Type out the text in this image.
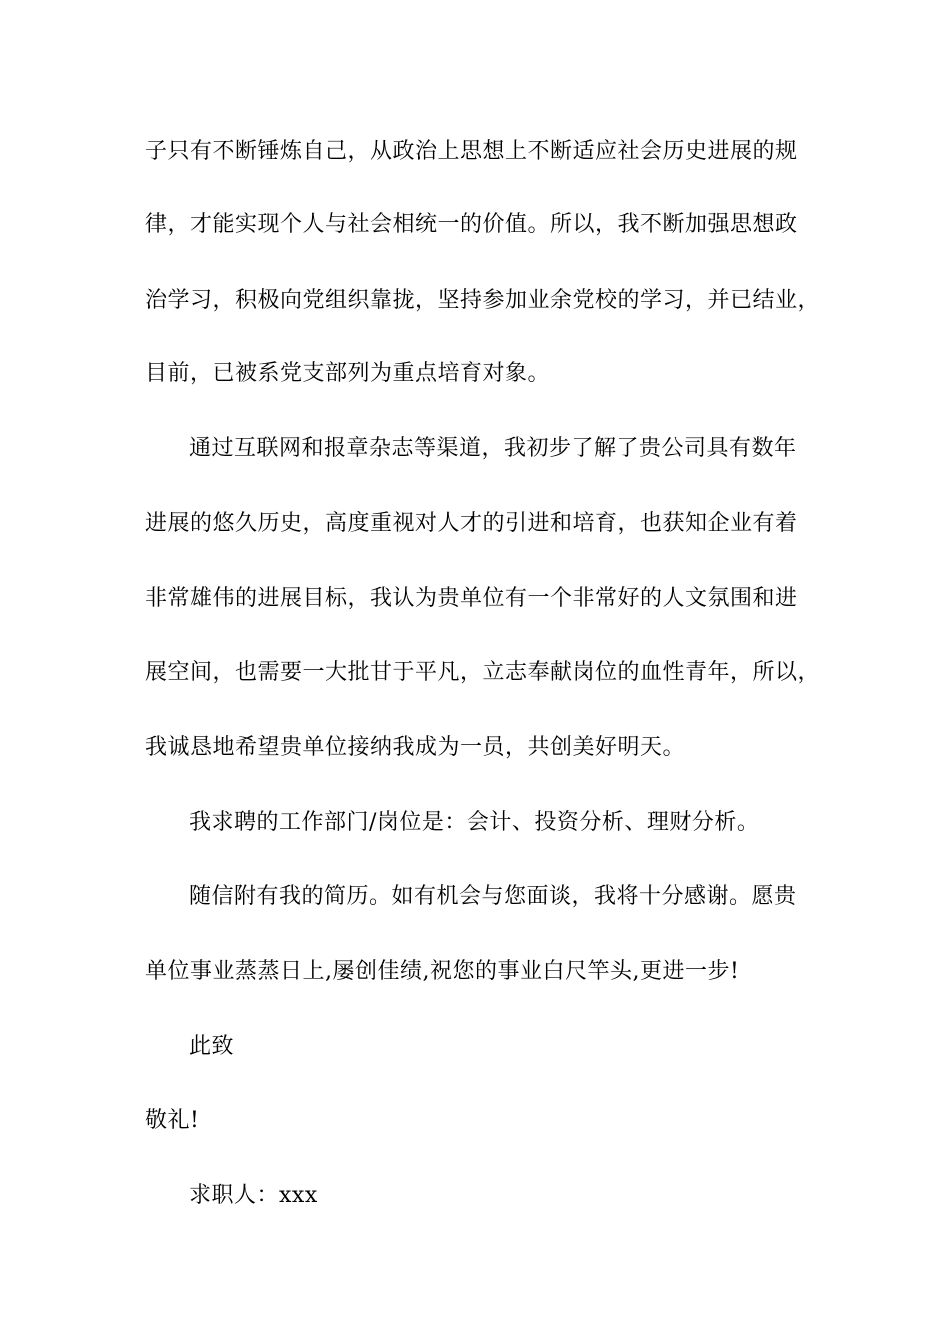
子只有不断锤炼自己，从政治上思想上不断适应社会历史进展的规
律，才能实现个人与社会相统一的价值。所以，我不断加强思想政
治学习，积极向党组织靠拢，坚持参加业余党校的学习，并已结业，
目前，已被系党支部列为重点培育对象。
通过互联网和报章杂志等渠道，我初步了解了贵公司具有数年
进展的悠久历史，高度重视对人才的引进和培育，也获知企业有着
非常雄伟的进展目标，我认为贵单位有一个非常好的人文氛围和进
展空间，也需要一大批甘于平凡，立志奉献岗位的血性青年，所以，
我诚恳地希望贵单位接纳我成为一员，共创美好明天。
我求聘的工作部门/岗位是：会计、投资分析、理财分析。
随信附有我的简历。如有机会与您面谈，我将十分感谢。愿贵
单位事业蒸蒸日上,屡创佳绩,祝您的事业白尺竿头,更进一步!
此致
敬礼!
求职人：xxx
